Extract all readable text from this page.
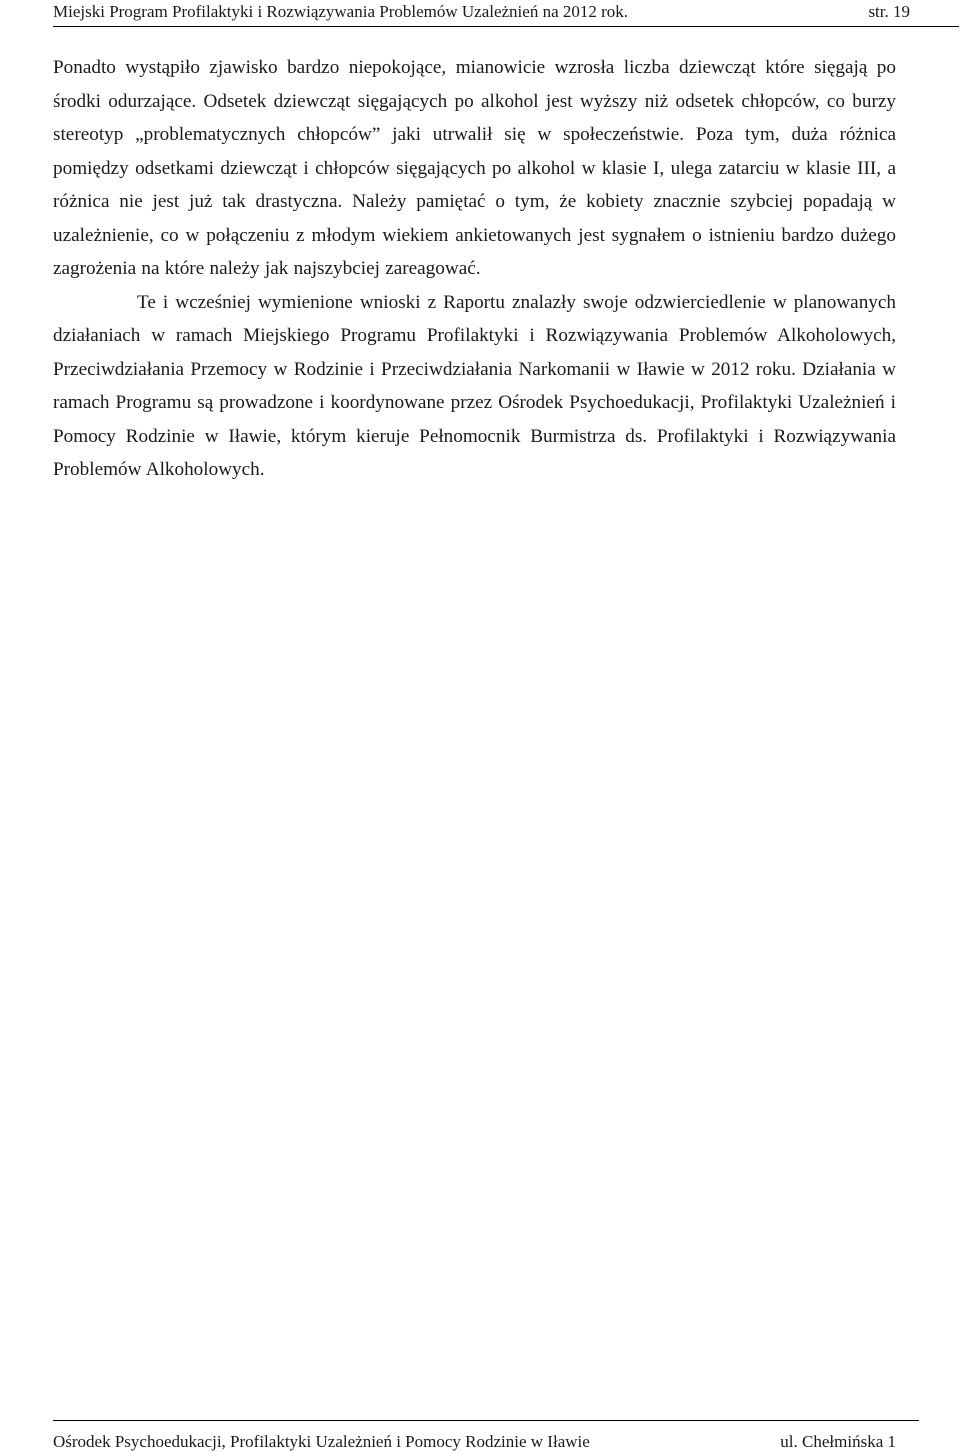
Miejski Program Profilaktyki i Rozwiązywania Problemów Uzależnień na 2012 rok.	str. 19

Ponadto wystąpiło zjawisko bardzo niepokojące, mianowicie wzrosła liczba dziewcząt które sięgają po środki odurzające. Odsetek dziewcząt sięgających po alkohol jest wyższy niż odsetek chłopców, co burzy stereotyp „problematycznych chłopców” jaki utrwalił się w społeczeństwie. Poza tym, duża różnica pomiędzy odsetkami dziewcząt i chłopców sięgających po alkohol w klasie I, ulega zatarciu w klasie III, a różnica nie jest już tak drastyczna. Należy pamiętać o tym, że kobiety znacznie szybciej popadają w uzależnienie, co w połączeniu z młodym wiekiem ankietowanych jest sygnałem o istnieniu bardzo dużego zagrożenia na które należy jak najszybciej zareagować.

Te i wcześniej wymienione wnioski z Raportu znalazły swoje odzwierciedlenie w planowanych działaniach w ramach Miejskiego Programu Profilaktyki i Rozwiązywania Problemów Alkoholowych, Przeciwdziałania Przemocy w Rodzinie i Przeciwdziałania Narkomanii w Iławie w 2012 roku. Działania w ramach Programu są prowadzone i koordynowane przez Ośrodek Psychoedukacji, Profilaktyki Uzależnień i Pomocy Rodzinie w Iławie, którym kieruje Pełnomocnik Burmistrza ds. Profilaktyki i Rozwiązywania Problemów Alkoholowych.

Ośrodek Psychoedukacji, Profilaktyki Uzależnień i Pomocy Rodzinie w Iławie	ul. Chełmińska 1
